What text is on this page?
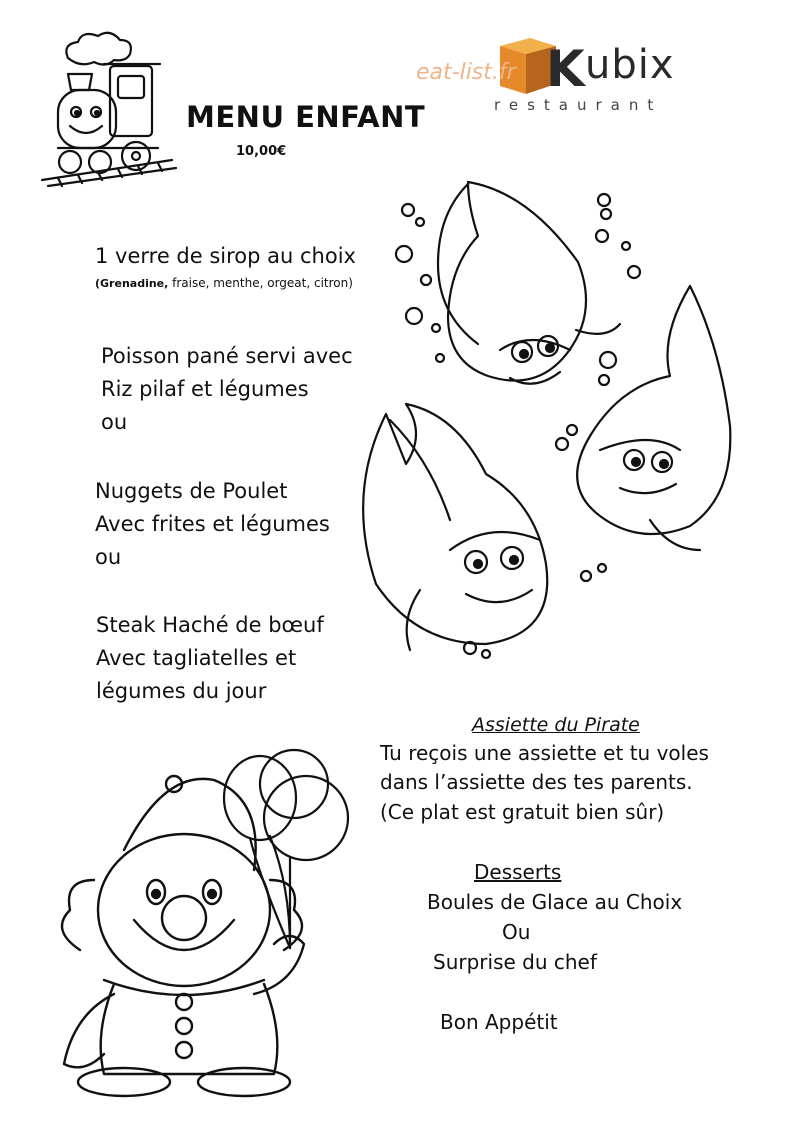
K ubix
restaurant
eat-list.fr
MENU ENFANT
10,00€
1 verre de sirop au choix
(Grenadine, fraise, menthe, orgeat, citron)
Poisson pané servi avec
Riz pilaf et légumes
ou
Nuggets de Poulet
Avec frites et légumes
ou
Steak Haché de bœuf
Avec tagliatelles et
légumes du jour
Assiette du Pirate
Tu reçois une assiette et tu voles
dans l’assiette des tes parents.
(Ce plat est gratuit bien sûr)
Desserts
Boules de Glace au Choix
Ou
Surprise du chef
Bon Appétit
